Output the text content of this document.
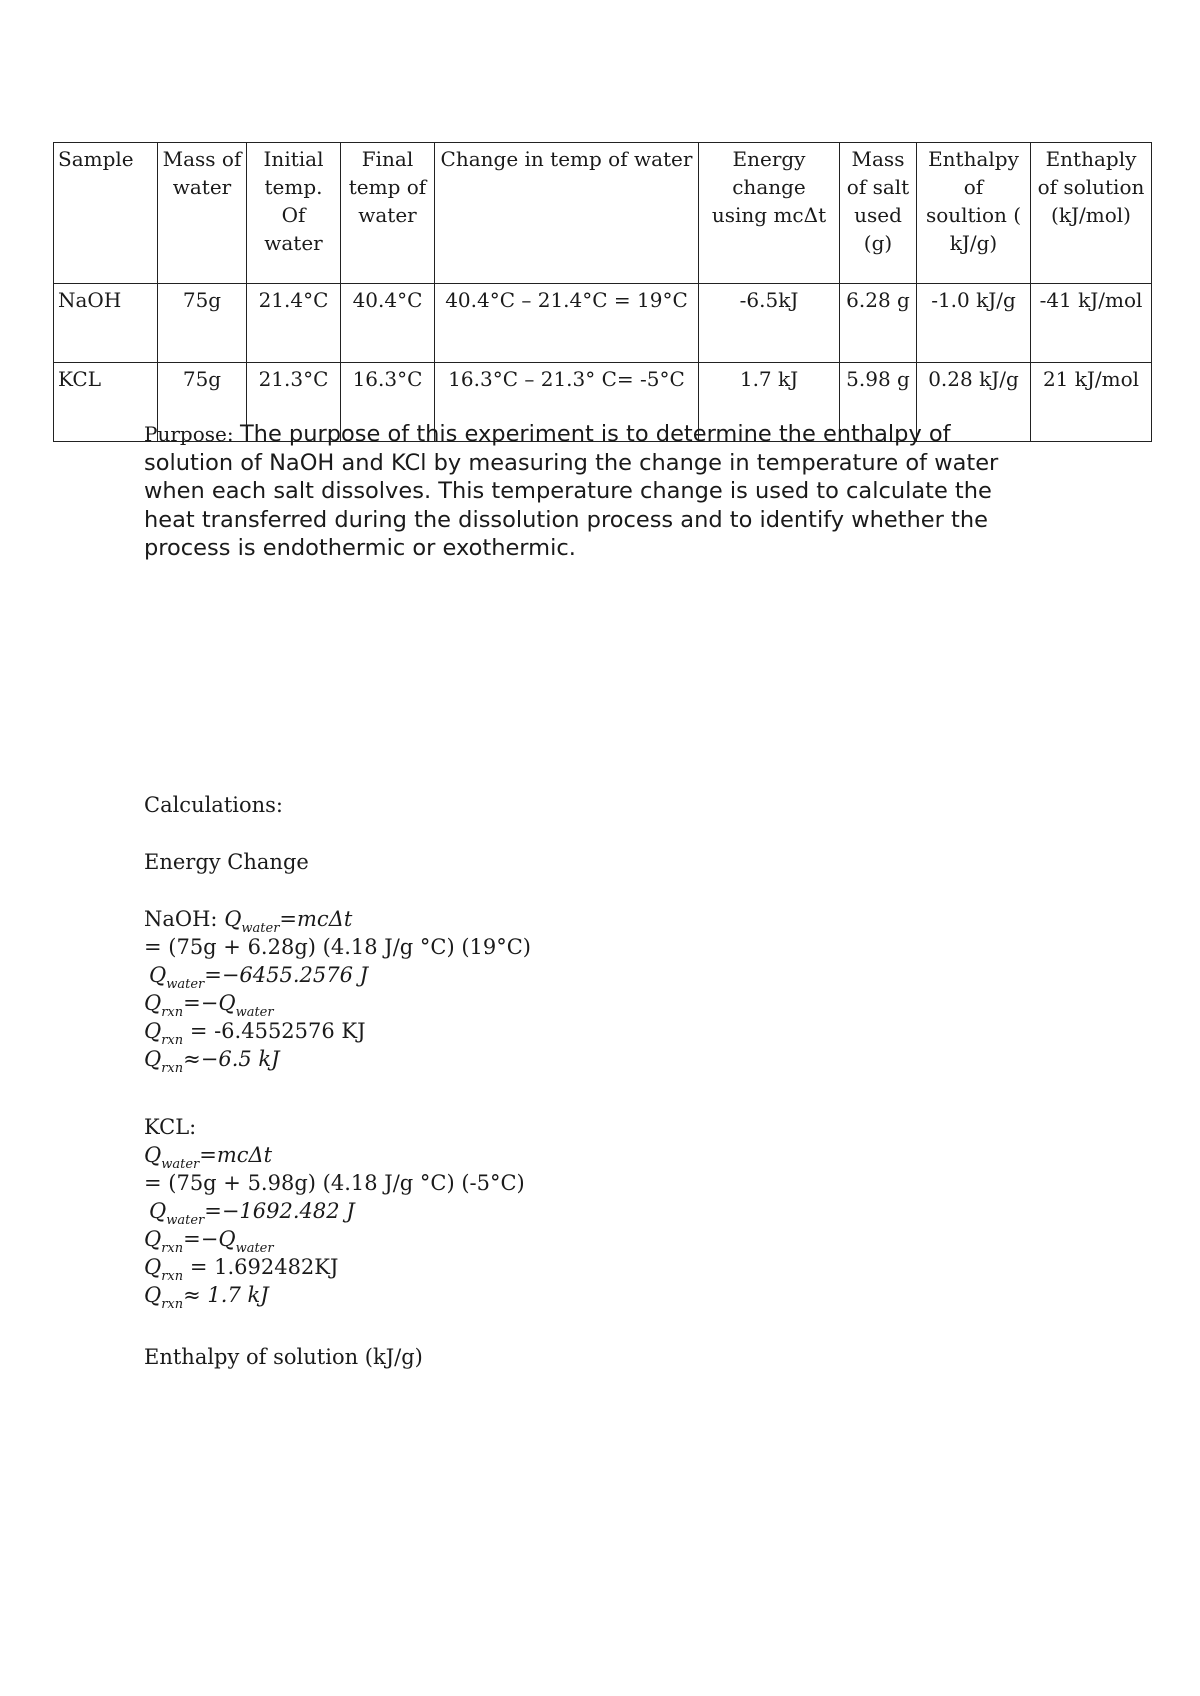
Sample	Mass of water	Initial temp. Of water	Final temp of water	Change in temp of water	Energy change using mcΔt	Mass of salt used (g)	Enthalpy of soultion ( kJ/g)	Enthaply of solution (kJ/mol)
NaOH	75g	21.4°C	40.4°C	40.4°C – 21.4°C = 19°C	-6.5kJ	6.28 g	-1.0 kJ/g	-41 kJ/mol
KCL	75g	21.3°C	16.3°C	16.3°C – 21.3° C= -5°C	1.7 kJ	5.98 g	0.28 kJ/g	21 kJ/mol
Purpose: The purpose of this experiment is to determine the enthalpy of solution of NaOH and KCl by measuring the change in temperature of water when each salt dissolves. This temperature change is used to calculate the heat transferred during the dissolution process and to identify whether the process is endothermic or exothermic.
Calculations:
Energy Change
NaOH: $Q_{water}=mc\Delta t$
= (75g + 6.28g) (4.18 J/g °C) (19°C)
$Q_{water}=-6455.2576$ J
$Q_{rxn}=-Q_{water}$
$Q_{rxn} = -6.4552576$ KJ
$Q_{rxn}\approx-6.5$ kJ
KCL:
$Q_{water}=mc\Delta t$
= (75g + 5.98g) (4.18 J/g °C) (-5°C)
$Q_{water}=-1692.482$ J
$Q_{rxn}=-Q_{water}$
$Q_{rxn} = 1.692482KJ$
$Q_{rxn}\approx 1.7$ kJ
Enthalpy of solution (kJ/g)
